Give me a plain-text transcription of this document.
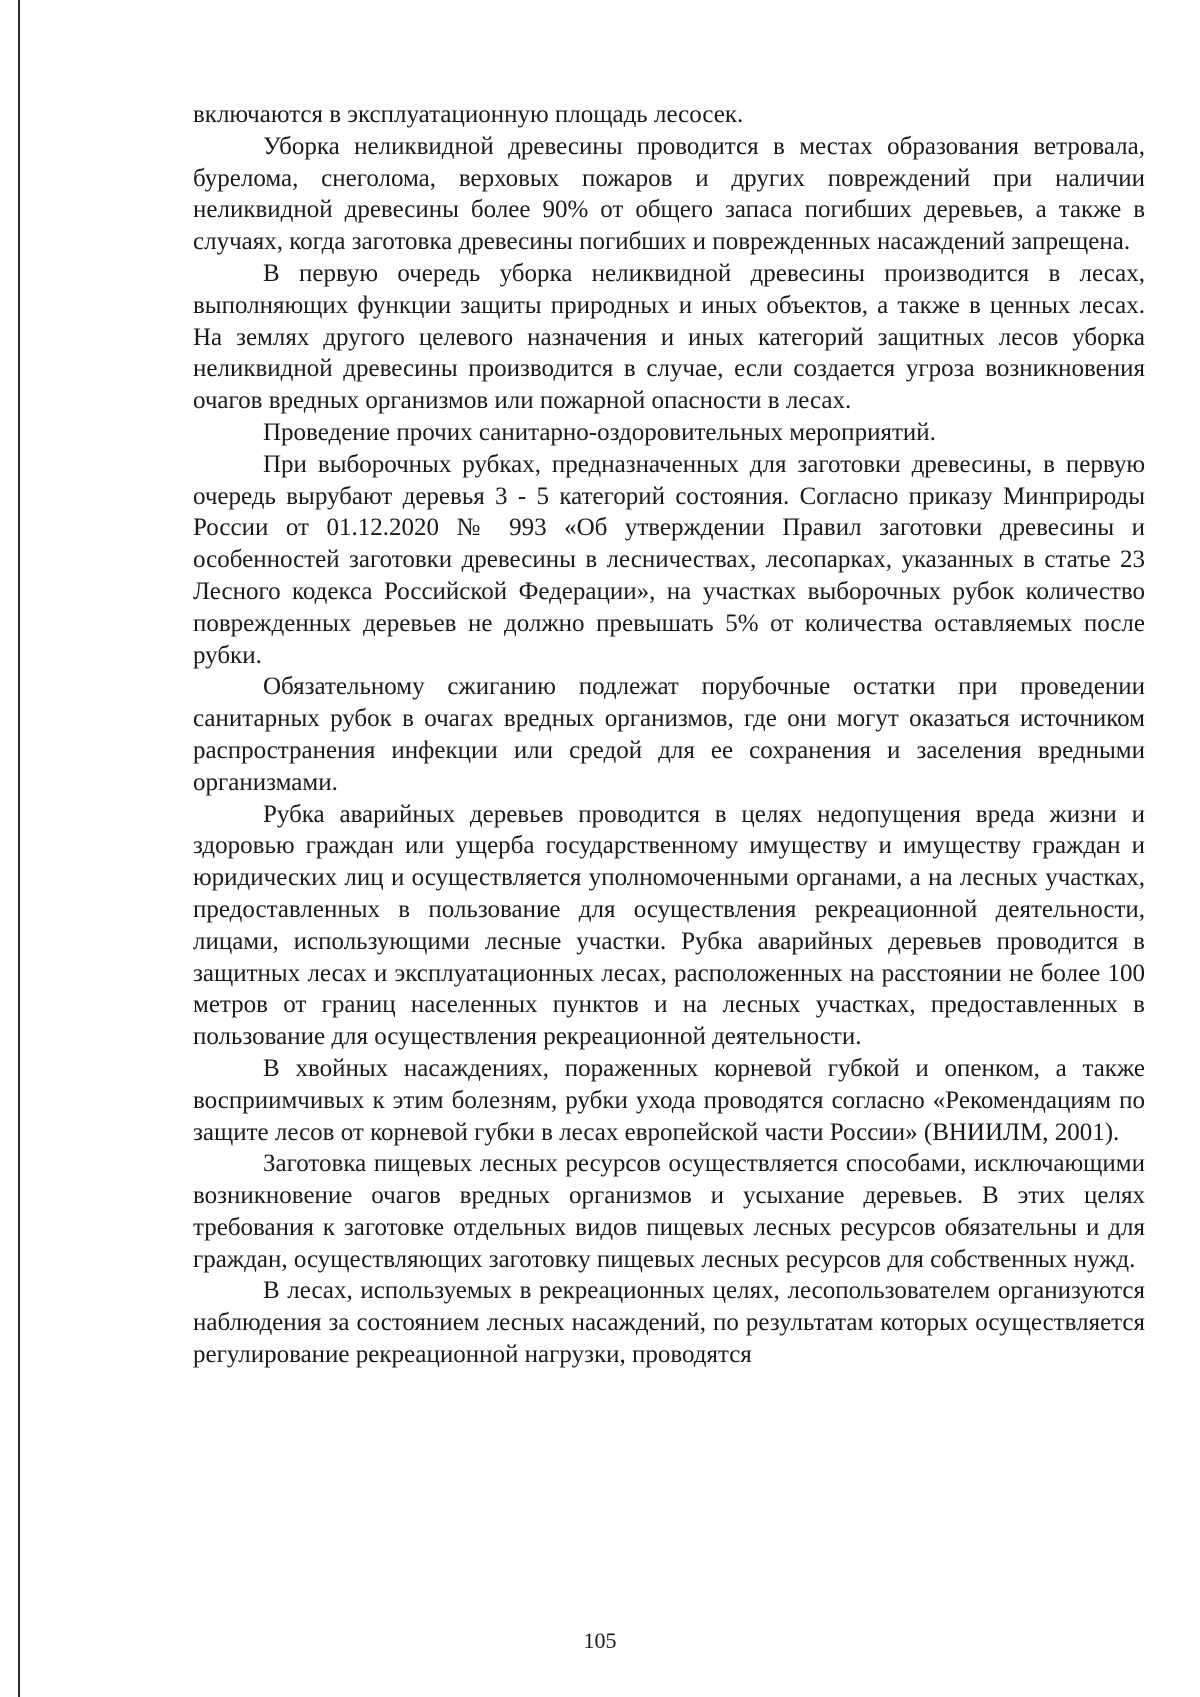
включаются в эксплуатационную площадь лесосек.

Уборка неликвидной древесины проводится в местах образования ветровала, бурелома, снеголома, верховых пожаров и других повреждений при наличии неликвидной древесины более 90% от общего запаса погибших деревьев, а также в случаях, когда заготовка древесины погибших и поврежденных насаждений запрещена.

В первую очередь уборка неликвидной древесины производится в лесах, выполняющих функции защиты природных и иных объектов, а также в ценных лесах. На землях другого целевого назначения и иных категорий защитных лесов уборка неликвидной древесины производится в случае, если создается угроза возникновения очагов вредных организмов или пожарной опасности в лесах.

Проведение прочих санитарно-оздоровительных мероприятий.

При выборочных рубках, предназначенных для заготовки древесины, в первую очередь вырубают деревья 3 - 5 категорий состояния. Согласно приказу Минприроды России от 01.12.2020 № 993 «Об утверждении Правил заготовки древесины и особенностей заготовки древесины в лесничествах, лесопарках, указанных в статье 23 Лесного кодекса Российской Федерации», на участках выборочных рубок количество поврежденных деревьев не должно превышать 5% от количества оставляемых после рубки.

Обязательному сжиганию подлежат порубочные остатки при проведении санитарных рубок в очагах вредных организмов, где они могут оказаться источником распространения инфекции или средой для ее сохранения и заселения вредными организмами.

Рубка аварийных деревьев проводится в целях недопущения вреда жизни и здоровью граждан или ущерба государственному имуществу и имуществу граждан и юридических лиц и осуществляется уполномоченными органами, а на лесных участках, предоставленных в пользование для осуществления рекреационной деятельности, лицами, использующими лесные участки. Рубка аварийных деревьев проводится в защитных лесах и эксплуатационных лесах, расположенных на расстоянии не более 100 метров от границ населенных пунктов и на лесных участках, предоставленных в пользование для осуществления рекреационной деятельности.

В хвойных насаждениях, пораженных корневой губкой и опенком, а также восприимчивых к этим болезням, рубки ухода проводятся согласно «Рекомендациям по защите лесов от корневой губки в лесах европейской части России» (ВНИИЛМ, 2001).

Заготовка пищевых лесных ресурсов осуществляется способами, исключающими возникновение очагов вредных организмов и усыхание деревьев. В этих целях требования к заготовке отдельных видов пищевых лесных ресурсов обязательны и для граждан, осуществляющих заготовку пищевых лесных ресурсов для собственных нужд.

В лесах, используемых в рекреационных целях, лесопользователем организуются наблюдения за состоянием лесных насаждений, по результатам которых осуществляется регулирование рекреационной нагрузки, проводятся

105
